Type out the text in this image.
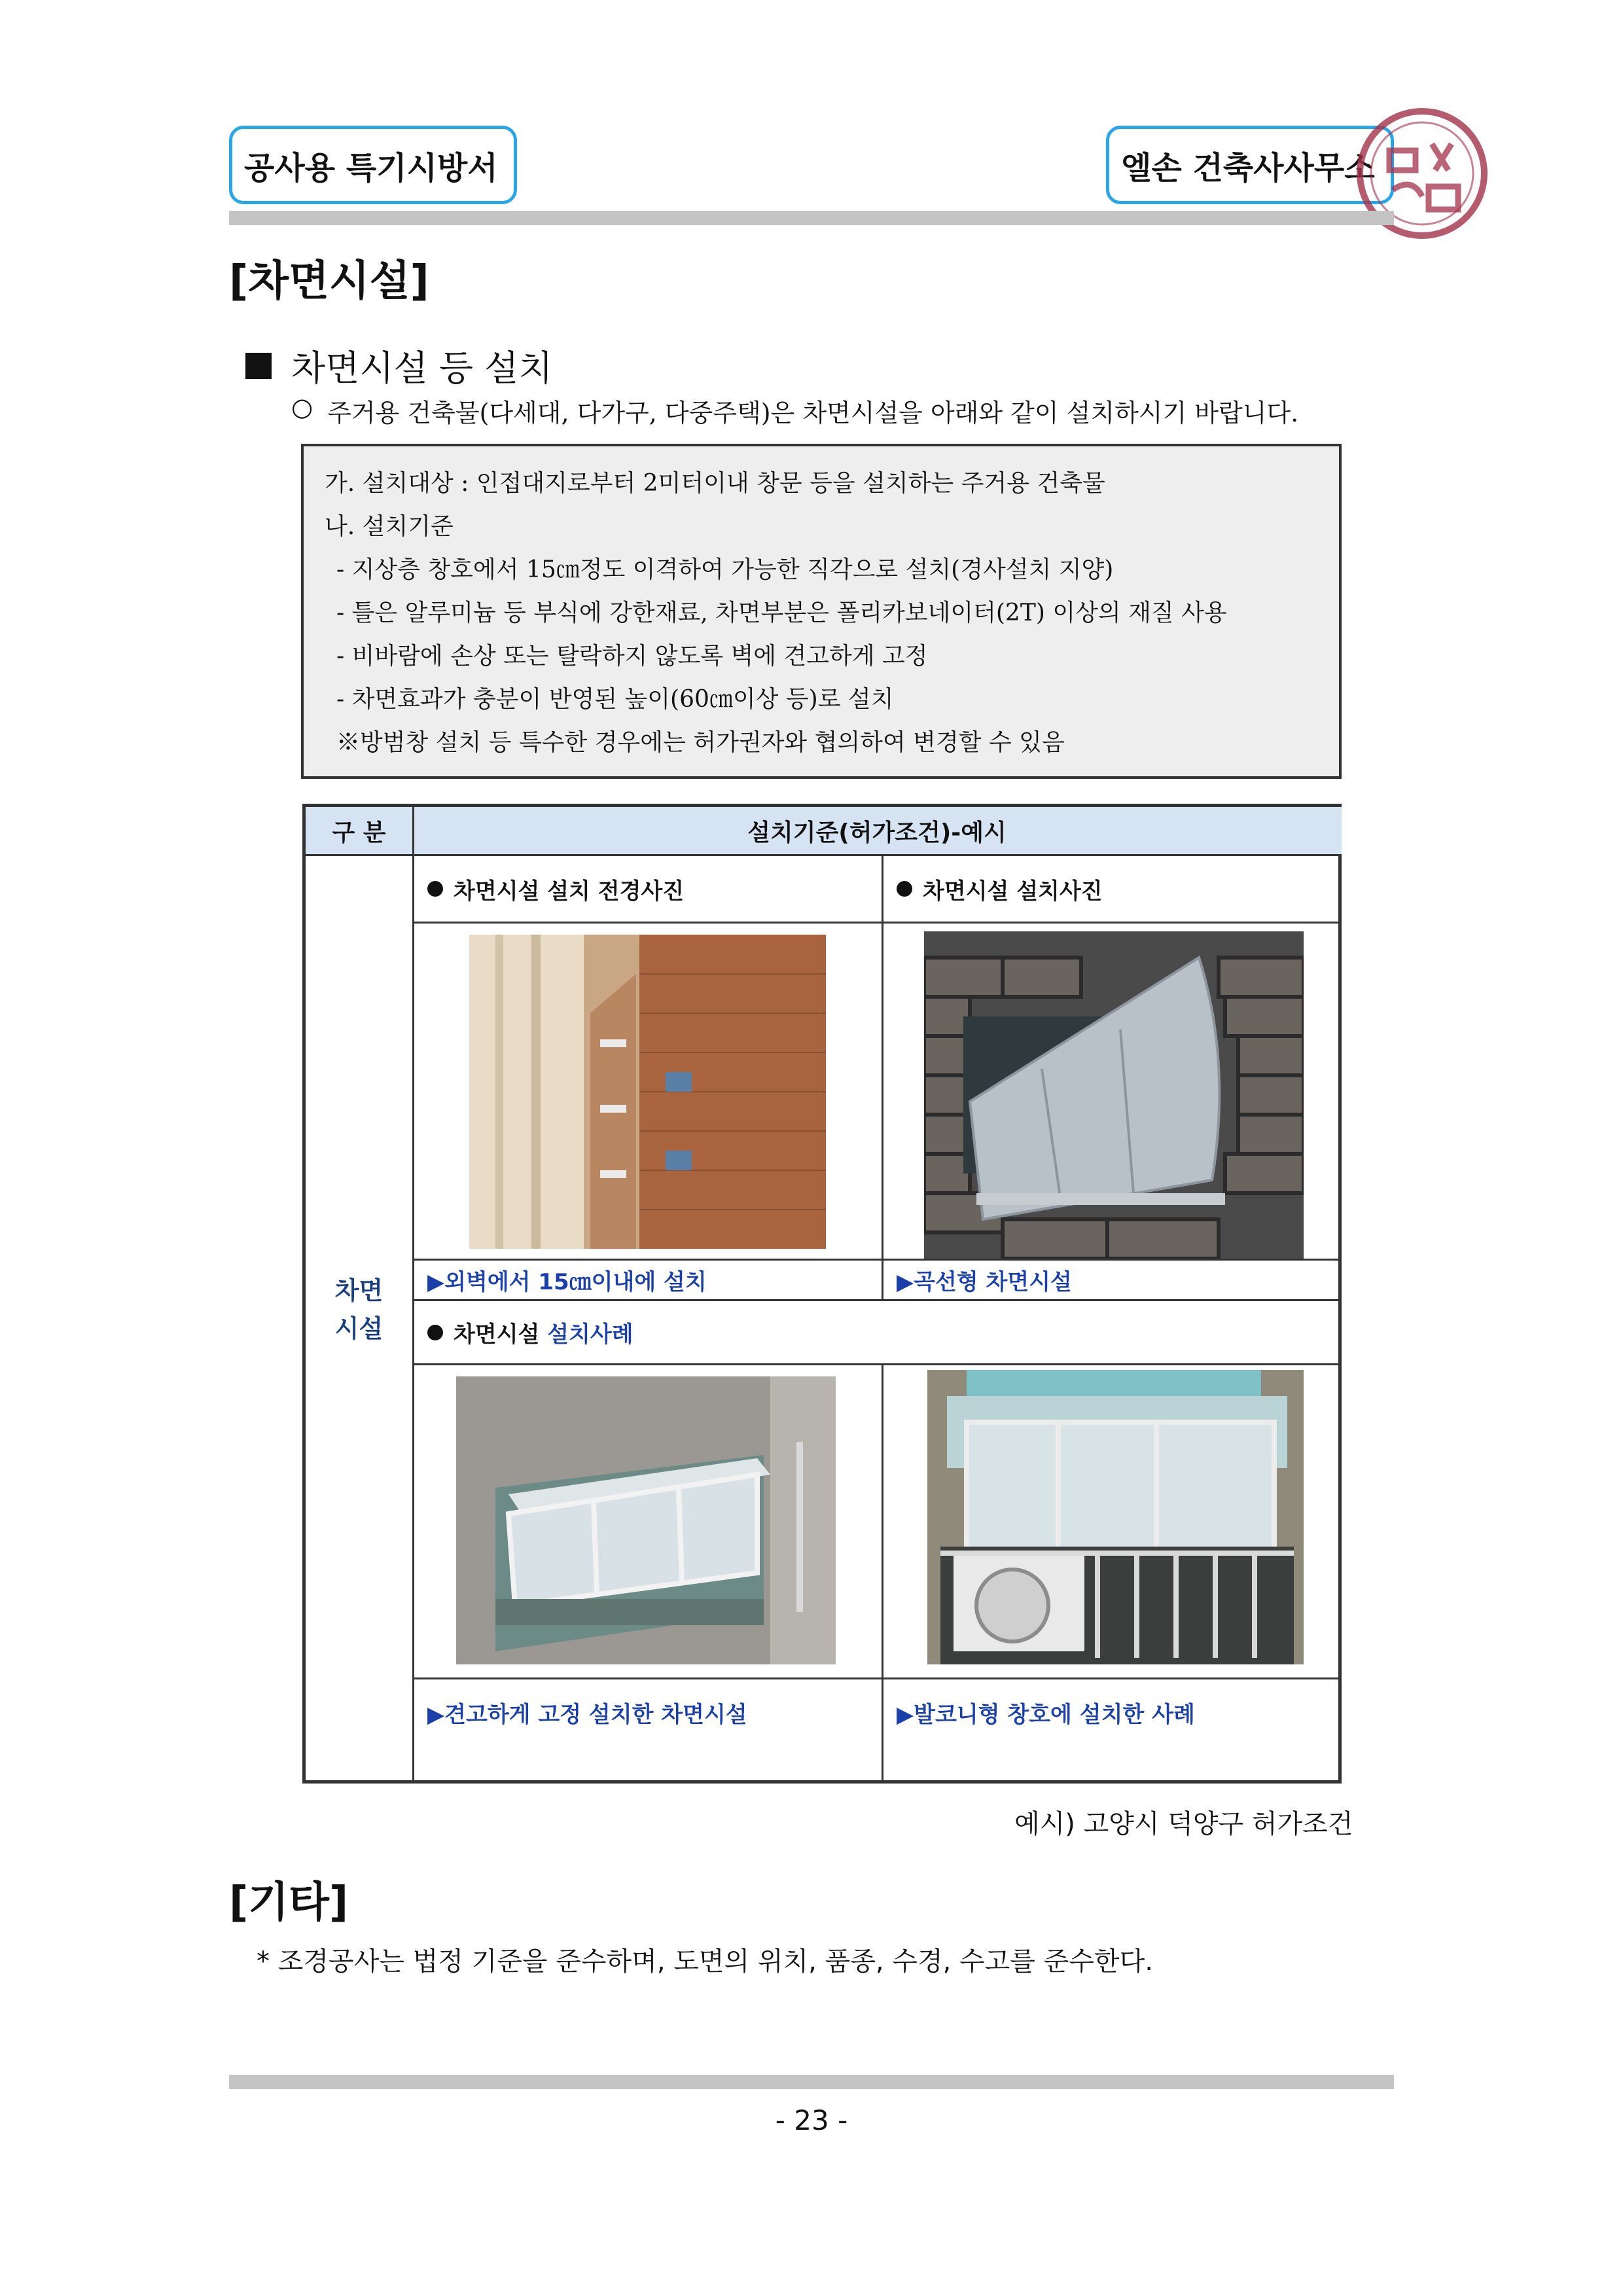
공사용 특기시방서	엘손 건축사사무소
[차면시설]
차면시설 등 설치
○ 주거용 건축물(다세대, 다가구, 다중주택)은 차면시설을 아래와 같이 설치하시기 바랍니다.
가. 설치대상 : 인접대지로부터 2미터이내 창문 등을 설치하는 주거용 건축물
나. 설치기준
- 지상층 창호에서 15㎝정도 이격하여 가능한 직각으로 설치(경사설치 지양)
- 틀은 알루미늄 등 부식에 강한재료, 차면부분은 폴리카보네이터(2T) 이상의 재질 사용
- 비바람에 손상 또는 탈락하지 않도록 벽에 견고하게 고정
- 차면효과가 충분이 반영된 높이(60㎝이상 등)로 설치
※방범창 설치 등 특수한 경우에는 허가권자와 협의하여 변경할 수 있음
구 분	설치기준(허가조건)-예시
차면
시설
차면시설 설치 전경사진	차면시설 설치사진
▶외벽에서 15㎝이내에 설치	▶곡선형 차면시설
차면시설 설치사례
▶견고하게 고정 설치한 차면시설	▶발코니형 창호에 설치한 사례
예시) 고양시 덕양구 허가조건
[기타]
* 조경공사는 법정 기준을 준수하며, 도면의 위치, 품종, 수경, 수고를 준수한다.
- 23 -
